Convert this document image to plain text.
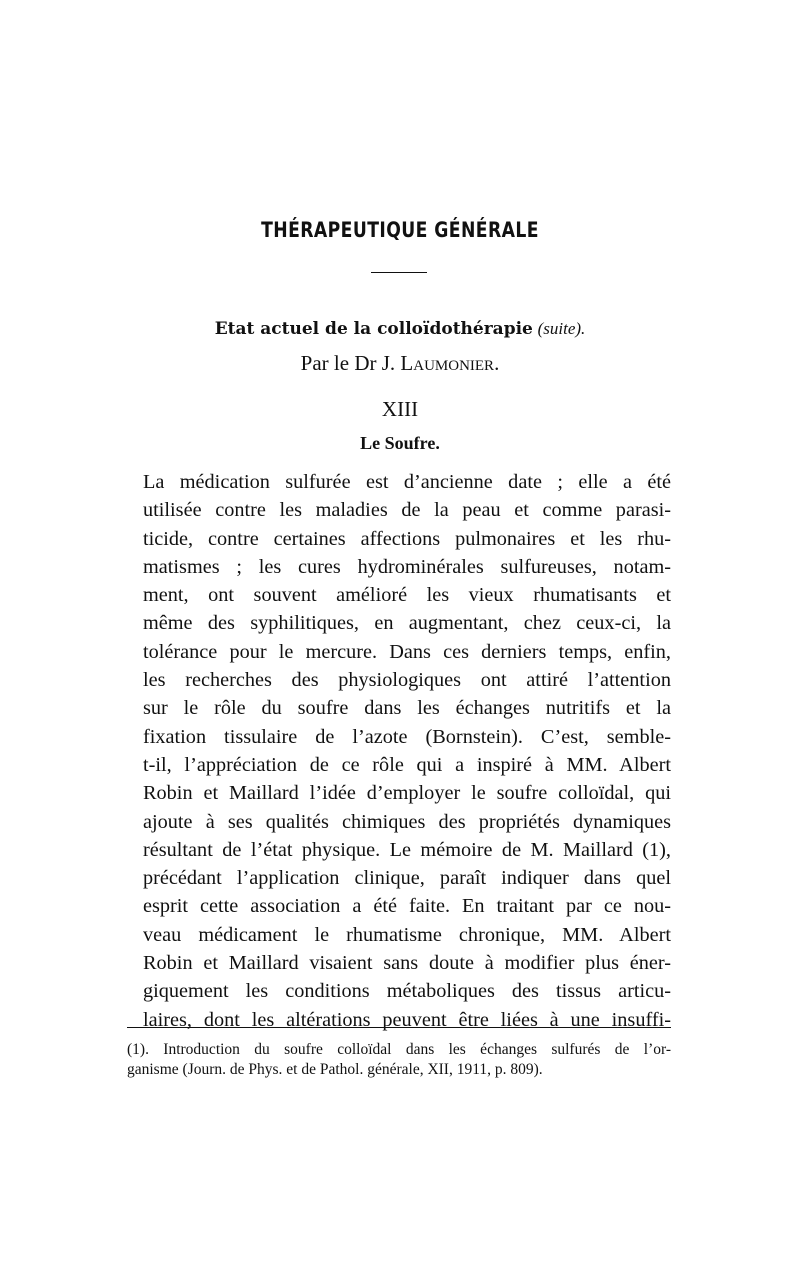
THÉRAPEUTIQUE GÉNÉRALE
Etat actuel de la colloïdothérapie (suite).
Par le Dr J. Laumonier.
XIII
Le Soufre.
La médication sulfurée est d’ancienne date ; elle a été
utilisée contre les maladies de la peau et comme parasi-
ticide, contre certaines affections pulmonaires et les rhu-
matismes ; les cures hydrominérales sulfureuses, notam-
ment, ont souvent amélioré les vieux rhumatisants et
même des syphilitiques, en augmentant, chez ceux-ci, la
tolérance pour le mercure. Dans ces derniers temps, enfin,
les recherches des physiologiques ont attiré l’attention
sur le rôle du soufre dans les échanges nutritifs et la
fixation tissulaire de l’azote (Bornstein). C’est, semble-
t-il, l’appréciation de ce rôle qui a inspiré à MM. Albert
Robin et Maillard l’idée d’employer le soufre colloïdal, qui
ajoute à ses qualités chimiques des propriétés dynamiques
résultant de l’état physique. Le mémoire de M. Maillard (1),
précédant l’application clinique, paraît indiquer dans quel
esprit cette association a été faite. En traitant par ce nou-
veau médicament le rhumatisme chronique, MM. Albert
Robin et Maillard visaient sans doute à modifier plus éner-
giquement les conditions métaboliques des tissus articu-
laires, dont les altérations peuvent être liées à une insuffi-
(1). Introduction du soufre colloïdal dans les échanges sulfurés de l’or-
ganisme (Journ. de Phys. et de Pathol. générale, XII, 1911, p. 809).
